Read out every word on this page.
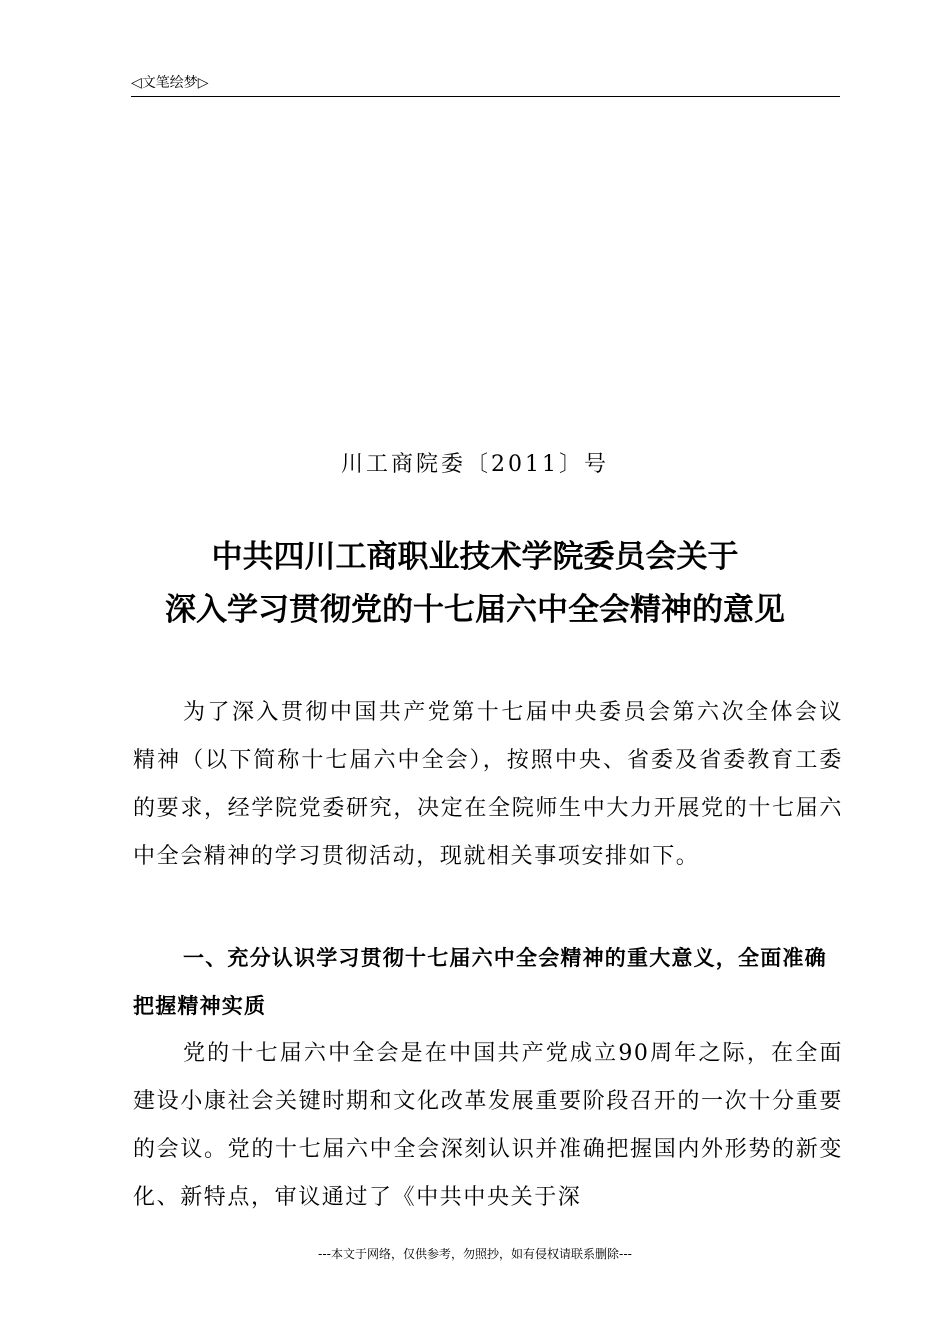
◁文笔绘梦▷
川工商院委〔2011〕号
中共四川工商职业技术学院委员会关于
深入学习贯彻党的十七届六中全会精神的意见
为了深入贯彻中国共产党第十七届中央委员会第六次全体会议精神（以下简称十七届六中全会），按照中央、省委及省委教育工委的要求，经学院党委研究，决定在全院师生中大力开展党的十七届六中全会精神的学习贯彻活动，现就相关事项安排如下。
一、充分认识学习贯彻十七届六中全会精神的重大意义，全面准确把握精神实质
党的十七届六中全会是在中国共产党成立90周年之际，在全面建设小康社会关键时期和文化改革发展重要阶段召开的一次十分重要的会议。党的十七届六中全会深刻认识并准确把握国内外形势的新变化、新特点，审议通过了《中共中央关于深
---本文于网络，仅供参考，勿照抄，如有侵权请联系删除---
